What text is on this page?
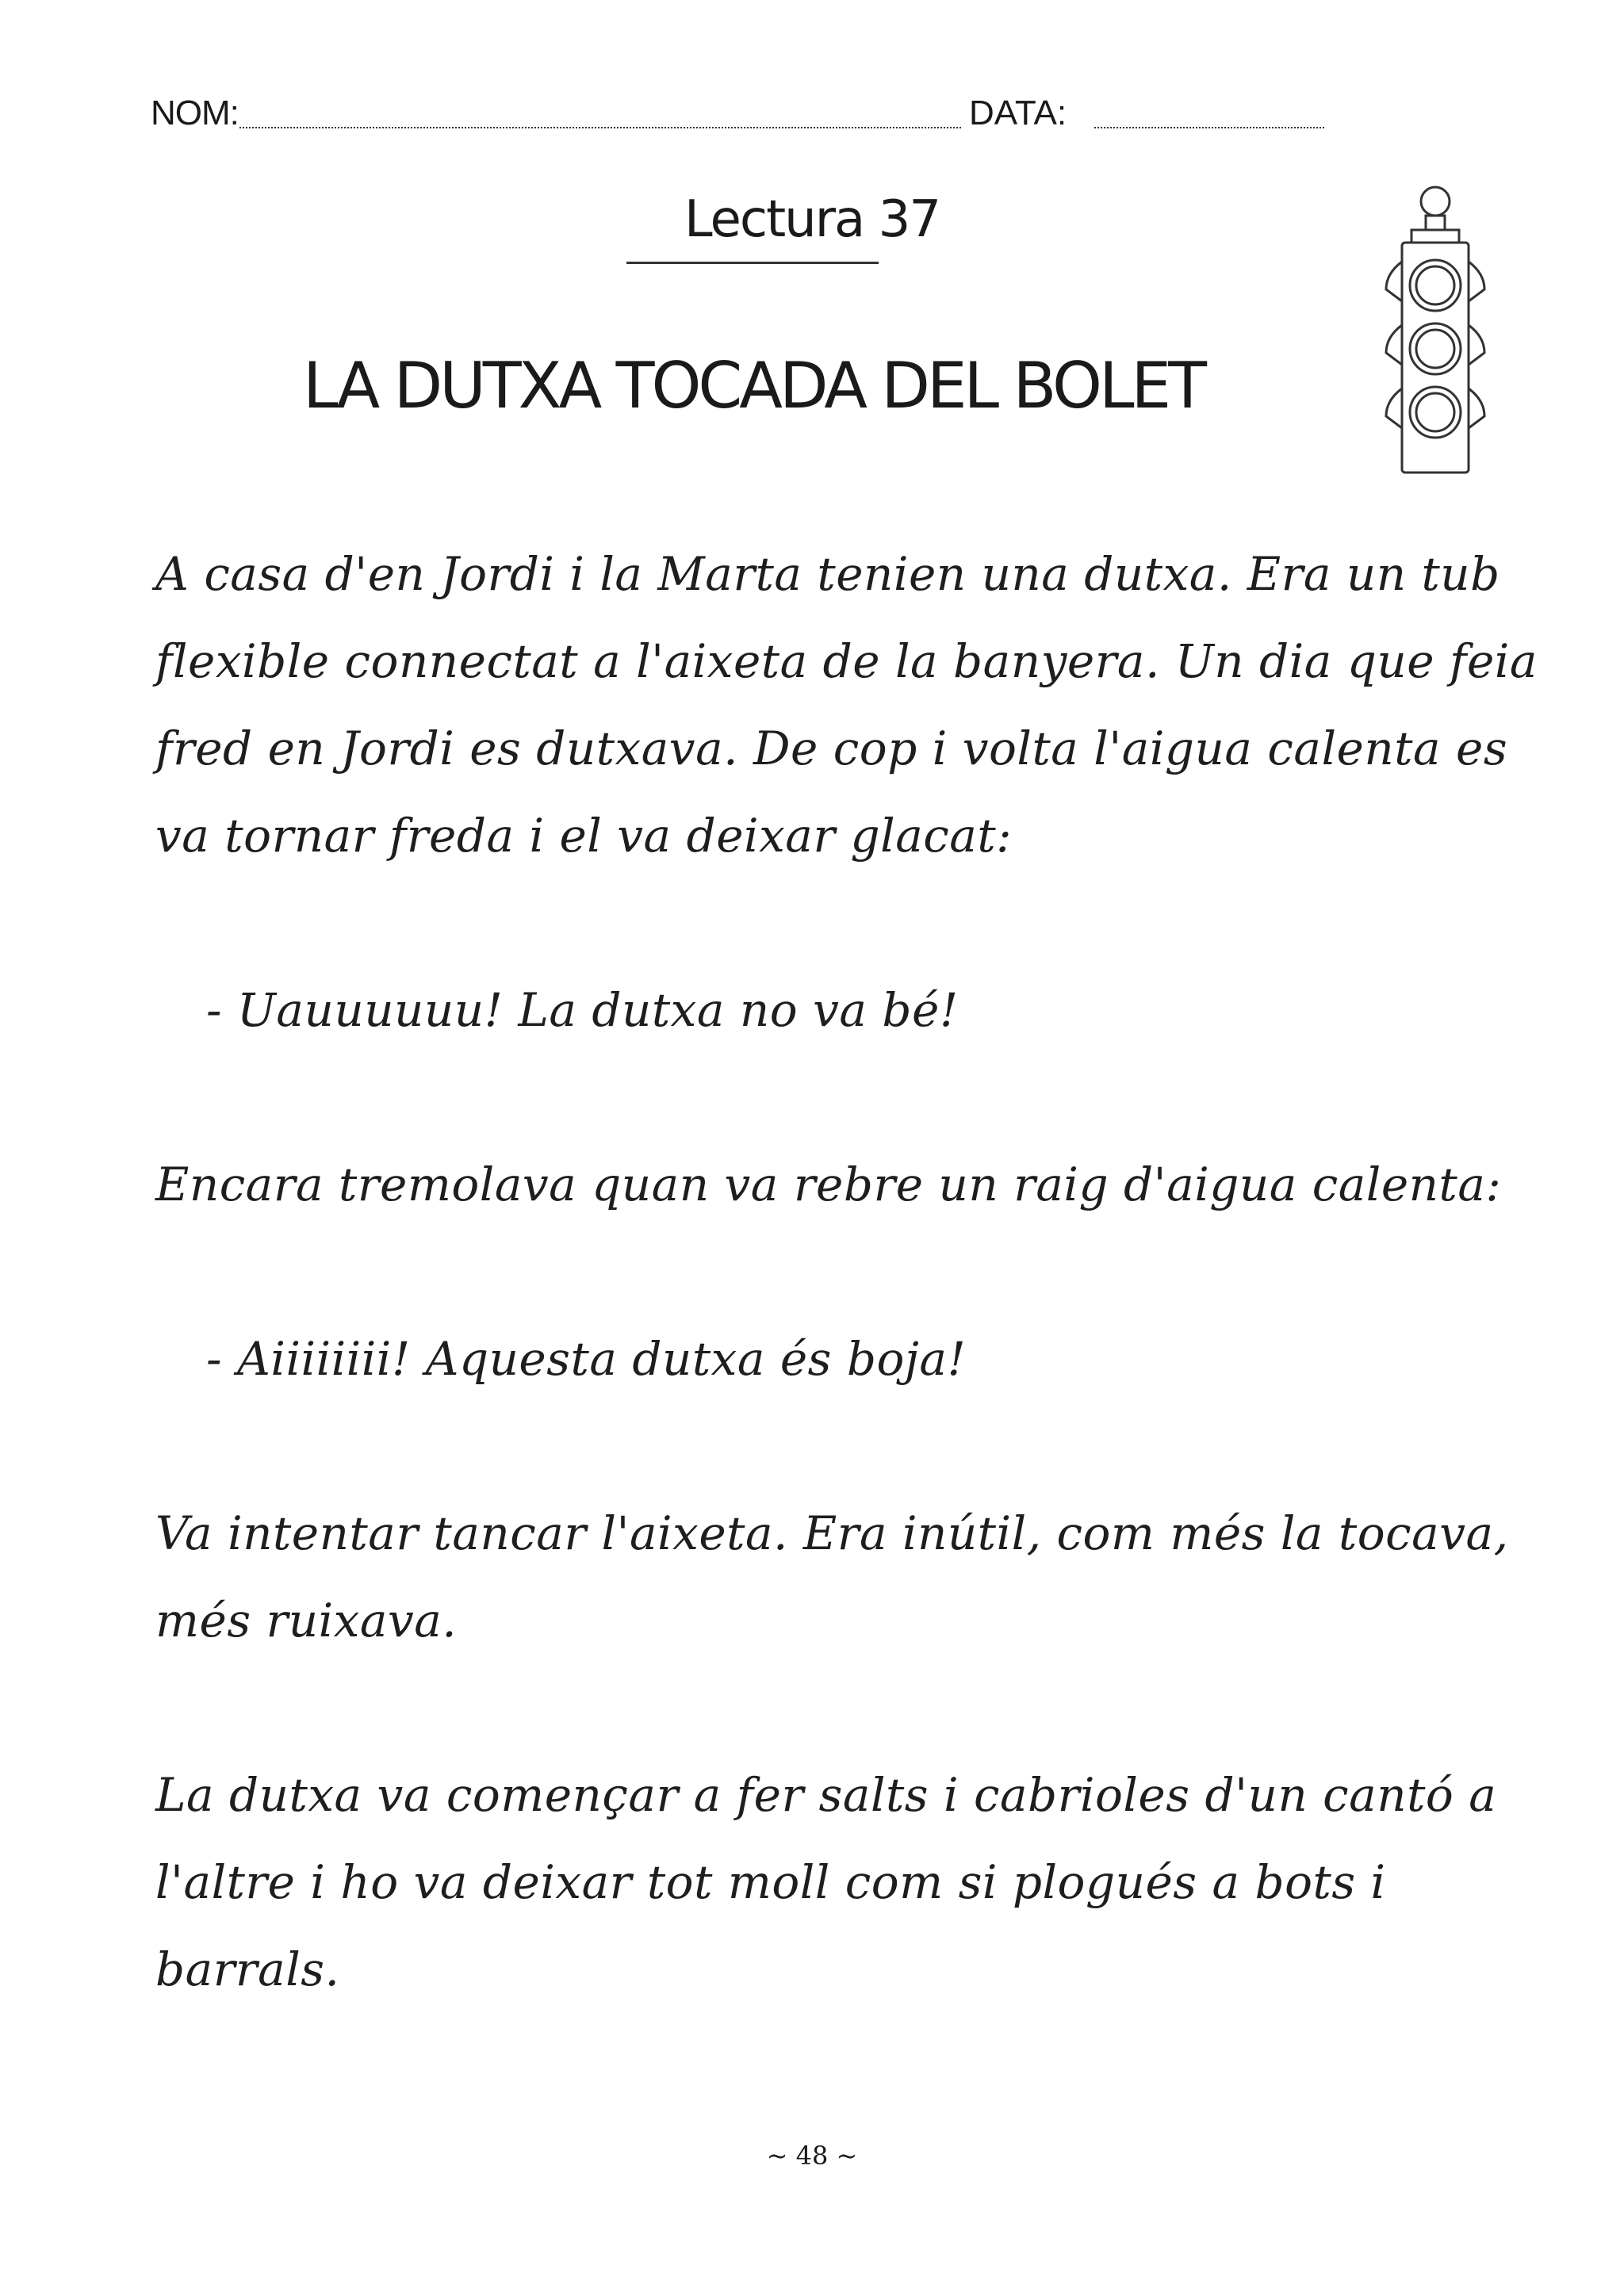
NOM:	DATA:
Lectura 37
LA DUTXA TOCADA DEL BOLET
A casa d'en Jordi i la Marta tenien una dutxa. Era un tub
flexible connectat a l'aixeta de la banyera. Un dia que feia
fred en Jordi es dutxava. De cop i volta l'aigua calenta es
va tornar freda i el va deixar glacat:
- Uauuuuuu! La dutxa no va bé!
Encara tremolava quan va rebre un raig d'aigua calenta:
- Aiiiiiiii! Aquesta dutxa és boja!
Va intentar tancar l'aixeta. Era inútil, com més la tocava,
més ruixava.
La dutxa va començar a fer salts i cabrioles d'un cantó a
l'altre i ho va deixar tot moll com si plogués a bots i
barrals.
~ 48 ~
